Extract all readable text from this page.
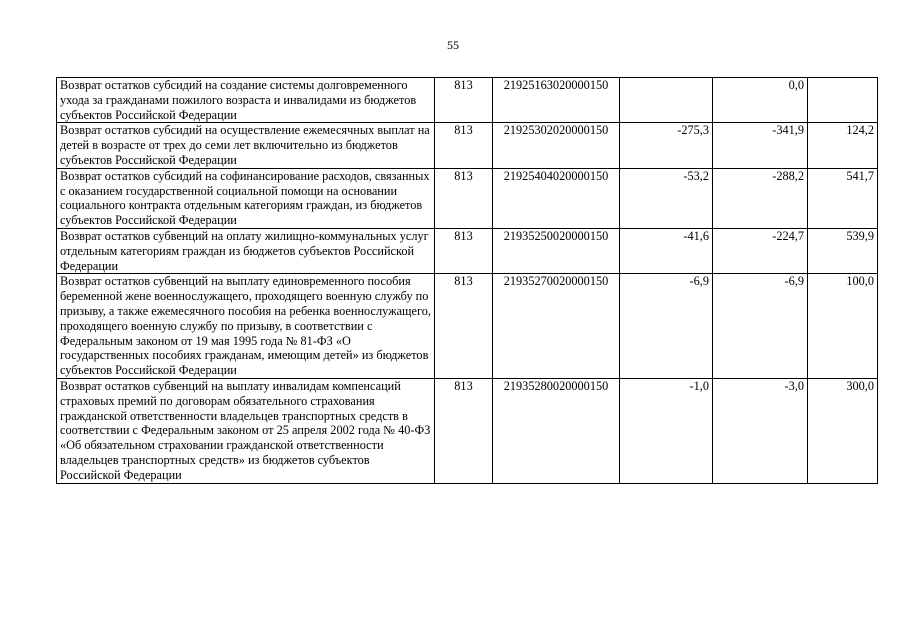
55
Возврат остатков субсидий на создание системы долговременного ухода за гражданами пожилого возраста и инвалидами из бюджетов субъектов Российской Федерации	813	21925163020000150		0,0	
Возврат остатков субсидий на осуществление ежемесячных выплат на детей в возрасте от трех до семи лет включительно из бюджетов субъектов Российской Федерации	813	21925302020000150	-275,3	-341,9	124,2
Возврат остатков субсидий на софинансирование расходов, связанных с оказанием государственной социальной помощи на основании социального контракта отдельным категориям граждан, из бюджетов субъектов Российской Федерации	813	21925404020000150	-53,2	-288,2	541,7
Возврат остатков субвенций на оплату жилищно-коммунальных услуг отдельным категориям граждан из бюджетов субъектов Российской Федерации	813	21935250020000150	-41,6	-224,7	539,9
Возврат остатков субвенций на выплату единовременного пособия беременной жене военнослужащего, проходящего военную службу по призыву, а также ежемесячного пособия на ребенка военнослужащего, проходящего военную службу по призыву, в соответствии с Федеральным законом от 19 мая 1995 года № 81-ФЗ «О государственных пособиях гражданам, имеющим детей» из бюджетов субъектов Российской Федерации	813	21935270020000150	-6,9	-6,9	100,0
Возврат остатков субвенций на выплату инвалидам компенсаций страховых премий по договорам обязательного страхования гражданской ответственности владельцев транспортных средств в соответствии с Федеральным законом от 25 апреля 2002 года № 40-ФЗ «Об обязательном страховании гражданской ответственности владельцев транспортных средств» из бюджетов субъектов Российской Федерации	813	21935280020000150	-1,0	-3,0	300,0
